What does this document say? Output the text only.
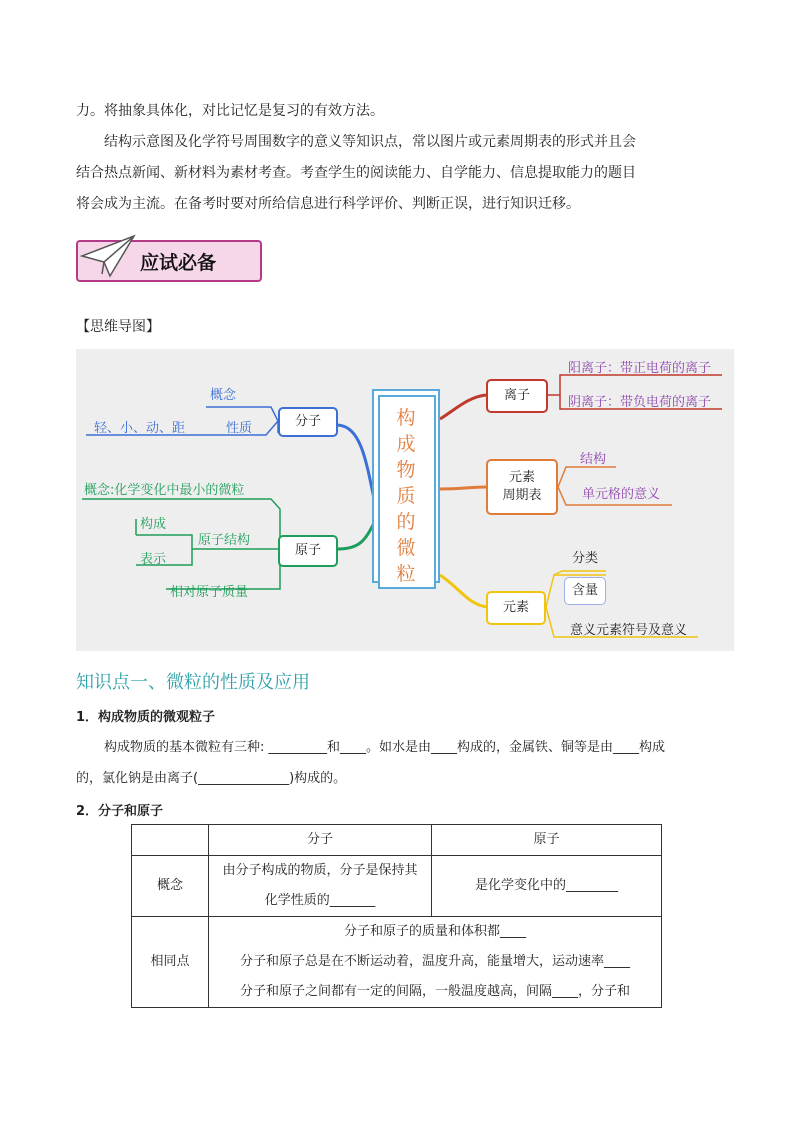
力。将抽象具体化，对比记忆是复习的有效方法。
结构示意图及化学符号周围数字的意义等知识点，常以图片或元素周期表的形式并且会
结合热点新闻、新材料为素材考查。考查学生的阅读能力、自学能力、信息提取能力的题目
将会成为主流。在备考时要对所给信息进行科学评价、判断正误，进行知识迁移。
应试必备
【思维导图】
概念
轻、小、动、距	性质	分子
概念:化学变化中最小的微粒
构成
原子结构
表示
相对原子质量
原子
构成物质的微粒
离子
阳离子：带正电荷的离子
阴离子：带负电荷的离子
元素
周期表
结构
单元格的意义
元素
分类
含量
意义元素符号及意义
知识点一、微粒的性质及应用
1．构成物质的微观粒子
构成物质的基本微粒有三种: _________和____。如水是由____构成的，金属铁、铜等是由____构成
的，氯化钠是由离子(______________)构成的。
2．分子和原子
	分子	原子
概念	由分子构成的物质，分子是保持其
化学性质的_______	是化学变化中的________
相同点	分子和原子的质量和体积都____
分子和原子总是在不断运动着，温度升高，能量增大，运动速率____
分子和原子之间都有一定的间隔，一般温度越高，间隔____，分子和	
